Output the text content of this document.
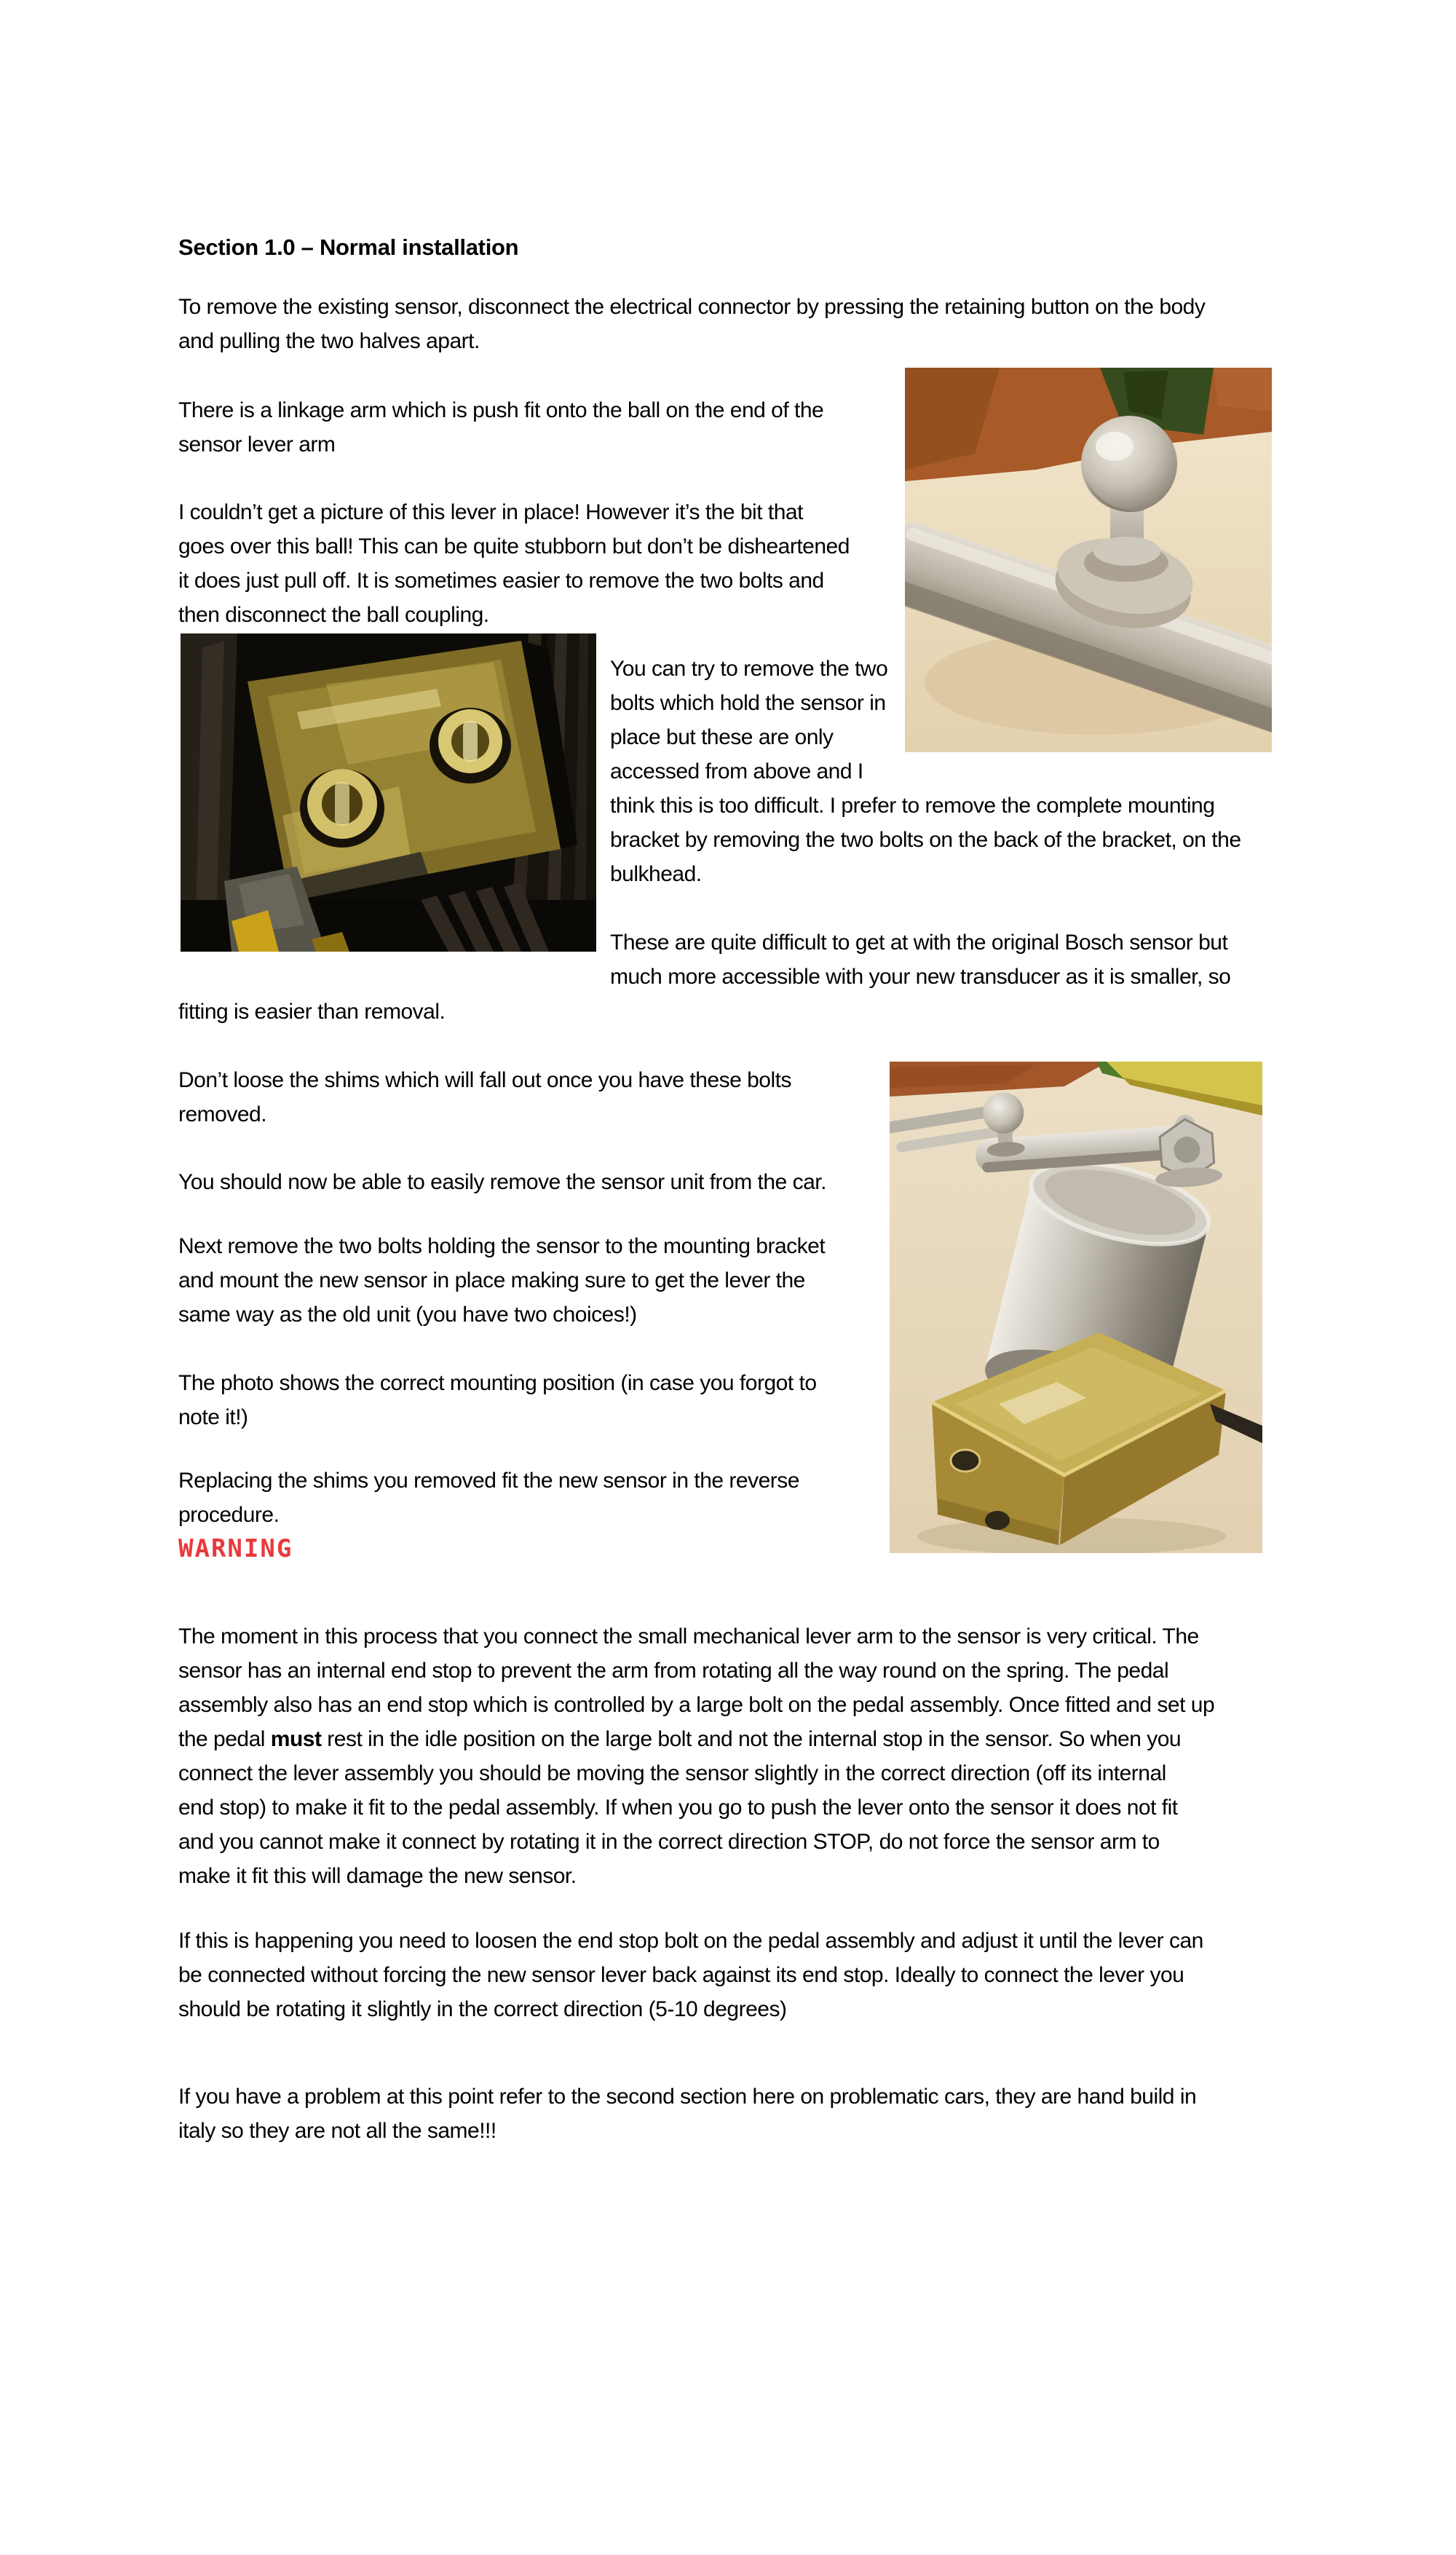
Section 1.0 – Normal installation
To remove the existing sensor, disconnect the electrical connector by pressing the retaining button on the body
and pulling the two halves apart.
There is a linkage arm which is push fit onto the ball on the end of the
sensor lever arm
I couldn’t get a picture of this lever in place! However it’s the bit that
goes over this ball! This can be quite stubborn but don’t be disheartened
it does just pull off. It is sometimes easier to remove the two bolts and
then disconnect the ball coupling.
You can try to remove the two
bolts which hold the sensor in
place but these are only
accessed from above and I
think this is too difficult. I prefer to remove the complete mounting
bracket by removing the two bolts on the back of the bracket, on the
bulkhead.
These are quite difficult to get at with the original Bosch sensor but
much more accessible with your new transducer as it is smaller, so
fitting is easier than removal.
Don’t loose the shims which will fall out once you have these bolts
removed.
You should now be able to easily remove the sensor unit from the car.
Next remove the two bolts holding the sensor to the mounting bracket
and mount the new sensor in place making sure to get the lever the
same way as the old unit (you have two choices!)
The photo shows the correct mounting position (in case you forgot to
note it!)
Replacing the shims you removed fit the new sensor in the reverse
procedure.
WARNING
The moment in this process that you connect the small mechanical lever arm to the sensor is very critical. The
sensor has an internal end stop to prevent the arm from rotating all the way round on the spring. The pedal
assembly also has an end stop which is controlled by a large bolt on the pedal assembly. Once fitted and set up
the pedal must rest in the idle position on the large bolt and not the internal stop in the sensor. So when you
connect the lever assembly you should be moving the sensor slightly in the correct direction (off its internal
end stop) to make it fit to the pedal assembly. If when you go to push the lever onto the sensor it does not fit
and you cannot make it connect by rotating it in the correct direction STOP, do not force the sensor arm to
make it fit this will damage the new sensor.
If this is happening you need to loosen the end stop bolt on the pedal assembly and adjust it until the lever can
be connected without forcing the new sensor lever back against its end stop. Ideally to connect the lever you
should be rotating it slightly in the correct direction (5-10 degrees)
If you have a problem at this point refer to the second section here on problematic cars, they are hand build in
italy so they are not all the same!!!
